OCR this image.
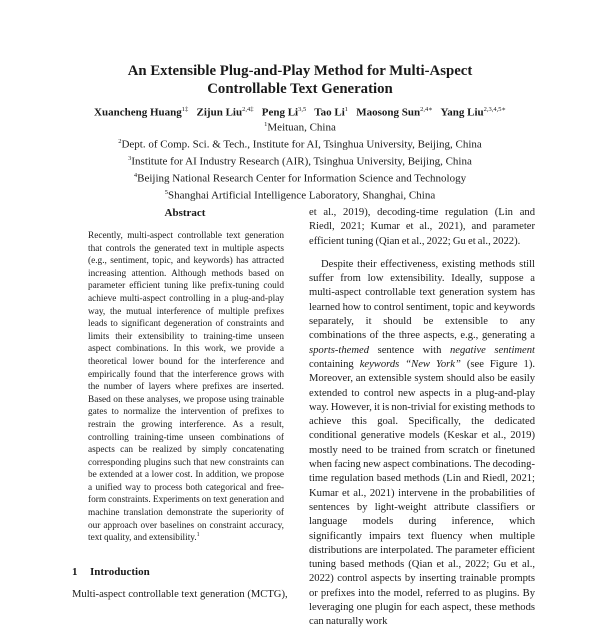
An Extensible Plug-and-Play Method for Multi-Aspect
Controllable Text Generation
Xuancheng Huang$^{1\ddagger}$ Zijun Liu$^{2,4\ddagger}$ Peng Li$^{3,5}$ Tao Li$^1$ Maosong Sun$^{2,4∗}$ Yang Liu$^{2,3,4,5∗}$
$^1$Meituan, China
$^2$Dept. of Comp. Sci. & Tech., Institute for AI, Tsinghua University, Beijing, China
$^3$Institute for AI Industry Research (AIR), Tsinghua University, Beijing, China
$^4$Beijing National Research Center for Information Science and Technology
$^5$Shanghai Artificial Intelligence Laboratory, Shanghai, China
Abstract
Recently, multi-aspect controllable text generation that controls the generated text in multiple aspects (e.g., sentiment, topic, and keywords) has attracted increasing attention. Although methods based on parameter efficient tuning like prefix-tuning could achieve multi-aspect controlling in a plug-and-play way, the mutual interference of multiple prefixes leads to significant degeneration of constraints and limits their extensibility to training-time unseen aspect combinations. In this work, we provide a theoretical lower bound for the interference and empirically found that the interference grows with the number of layers where prefixes are inserted. Based on these analyses, we propose using trainable gates to normalize the intervention of prefixes to restrain the growing interference. As a result, controlling training-time unseen combinations of aspects can be realized by simply concatenating corresponding plugins such that new constraints can be extended at a lower cost. In addition, we propose a unified way to process both categorical and free-form constraints. Experiments on text generation and machine translation demonstrate the superiority of our approach over baselines on constraint accuracy, text quality, and extensibility.$^1$
1 Introduction
Multi-aspect controllable text generation (MCTG),

et al., 2019), decoding-time regulation (Lin and Riedl, 2021; Kumar et al., 2021), and parameter efficient tuning (Qian et al., 2022; Gu et al., 2022).

Despite their effectiveness, existing methods still suffer from low extensibility. Ideally, suppose a multi-aspect controllable text generation system has learned how to control sentiment, topic and keywords separately, it should be extensible to any combinations of the three aspects, e.g., generating a sports-themed sentence with negative sentiment containing keywords “New York” (see Figure 1). Moreover, an extensible system should also be easily extended to control new aspects in a plug-and-play way. However, it is non-trivial for existing methods to achieve this goal. Specifically, the dedicated conditional generative models (Keskar et al., 2019) mostly need to be trained from scratch or finetuned when facing new aspect combinations. The decoding-time regulation based methods (Lin and Riedl, 2021; Kumar et al., 2021) intervene in the probabilities of sentences by light-weight attribute classifiers or language models during inference, which significantly impairs text fluency when multiple distributions are interpolated. The parameter efficient tuning based methods (Qian et al., 2022; Gu et al., 2022) control aspects by inserting trainable prompts or prefixes into the model, referred to as plugins. By leveraging one plugin for each aspect, these methods can naturally work
